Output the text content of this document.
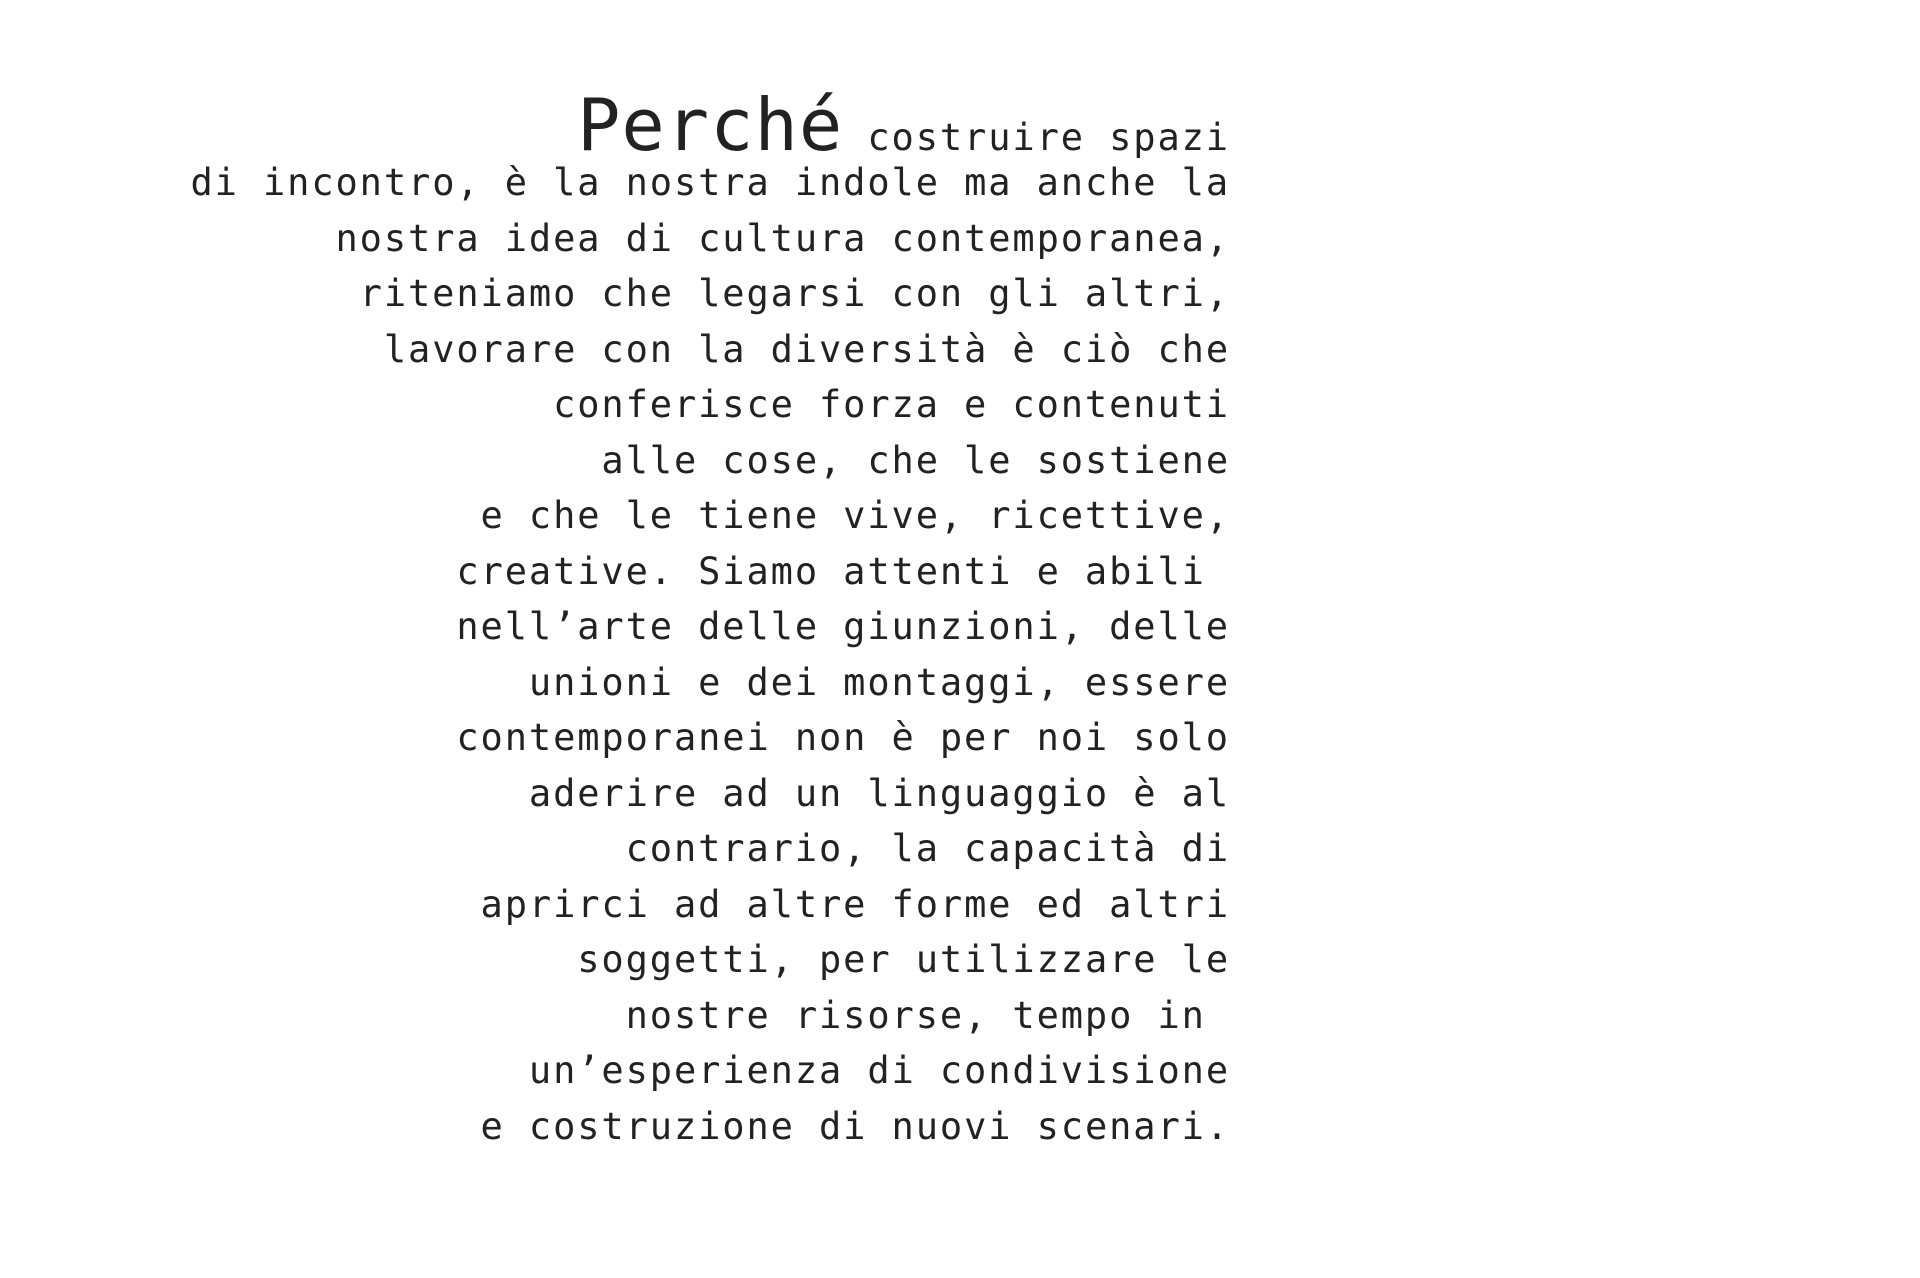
Perché costruire spazi
di incontro, è la nostra indole ma anche la
nostra idea di cultura contemporanea,
riteniamo che legarsi con gli altri,
lavorare con la diversità è ciò che
conferisce forza e contenuti
alle cose, che le sostiene
e che le tiene vive, ricettive,
creative. Siamo attenti e abili
nell’arte delle giunzioni, delle
unioni e dei montaggi, essere
contemporanei non è per noi solo
aderire ad un linguaggio è al
contrario, la capacità di
aprirci ad altre forme ed altri
soggetti, per utilizzare le
nostre risorse, tempo in
un’esperienza di condivisione
e costruzione di nuovi scenari.
